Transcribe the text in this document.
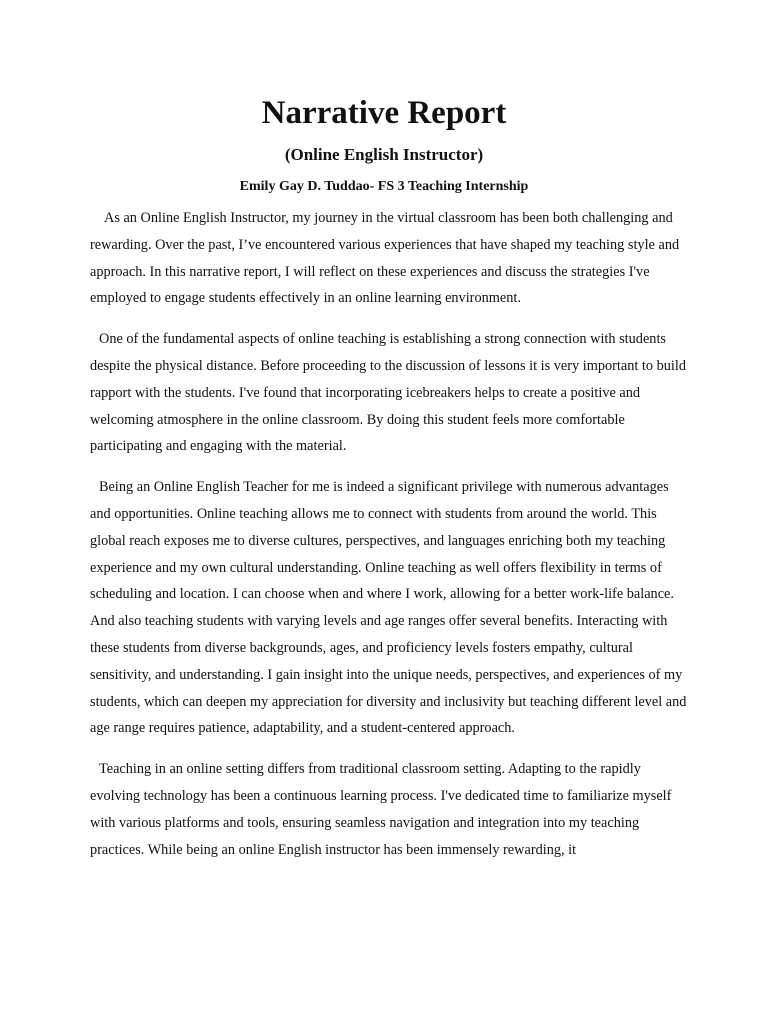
Narrative Report
(Online English Instructor)
Emily Gay D. Tuddao- FS 3 Teaching Internship

As an Online English Instructor, my journey in the virtual classroom has been both challenging and rewarding. Over the past, I’ve encountered various experiences that have shaped my teaching style and approach. In this narrative report, I will reflect on these experiences and discuss the strategies I've employed to engage students effectively in an online learning environment.

One of the fundamental aspects of online teaching is establishing a strong connection with students despite the physical distance. Before proceeding to the discussion of lessons it is very important to build rapport with the students. I've found that incorporating icebreakers helps to create a positive and welcoming atmosphere in the online classroom. By doing this student feels more comfortable participating and engaging with the material.

Being an Online English Teacher for me is indeed a significant privilege with numerous advantages and opportunities. Online teaching allows me to connect with students from around the world. This global reach exposes me to diverse cultures, perspectives, and languages enriching both my teaching experience and my own cultural understanding. Online teaching as well offers flexibility in terms of scheduling and location. I can choose when and where I work, allowing for a better work-life balance. And also teaching students with varying levels and age ranges offer several benefits. Interacting with these students from diverse backgrounds, ages, and proficiency levels fosters empathy, cultural sensitivity, and understanding. I gain insight into the unique needs, perspectives, and experiences of my students, which can deepen my appreciation for diversity and inclusivity but teaching different level and age range requires patience, adaptability, and a student-centered approach.

Teaching in an online setting differs from traditional classroom setting. Adapting to the rapidly evolving technology has been a continuous learning process. I've dedicated time to familiarize myself with various platforms and tools, ensuring seamless navigation and integration into my teaching practices. While being an online English instructor has been immensely rewarding, it
